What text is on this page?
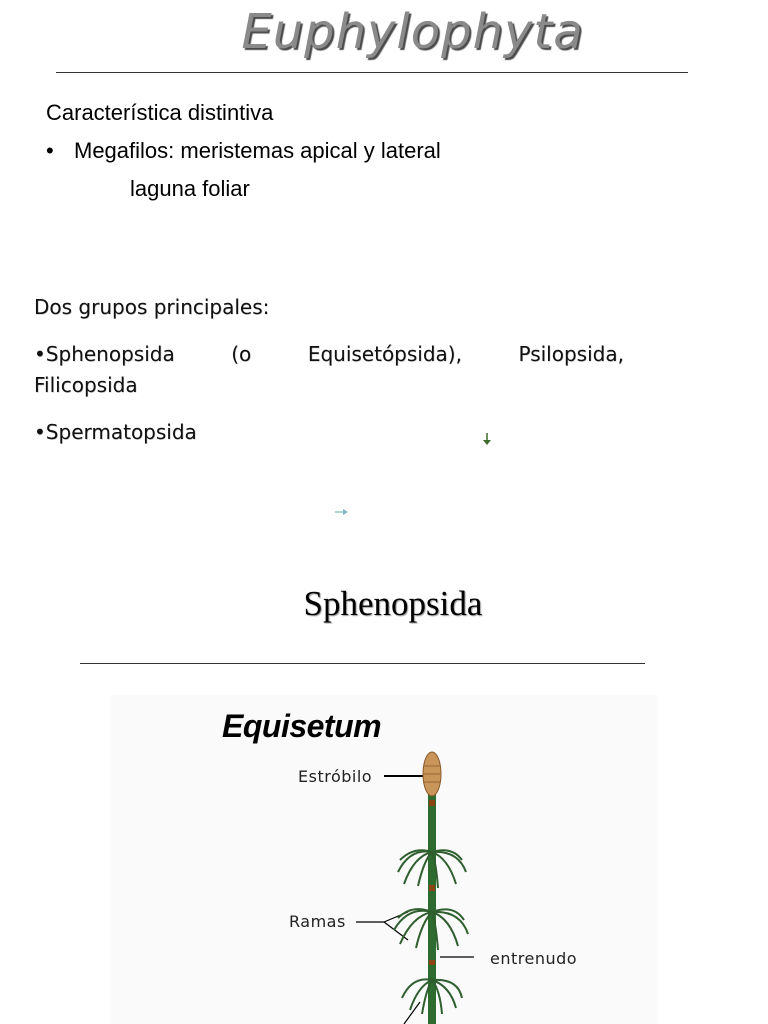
Euphylophyta
Característica distintiva
• Megafilos: meristemas apical y lateral
laguna foliar
Dos grupos principales:
•Sphenopsida	(o	Equisetópsida),	Psilopsida,
Filicopsida
•Spermatopsida
Sphenopsida
Equisetum
Estróbilo
Ramas
entrenudo
